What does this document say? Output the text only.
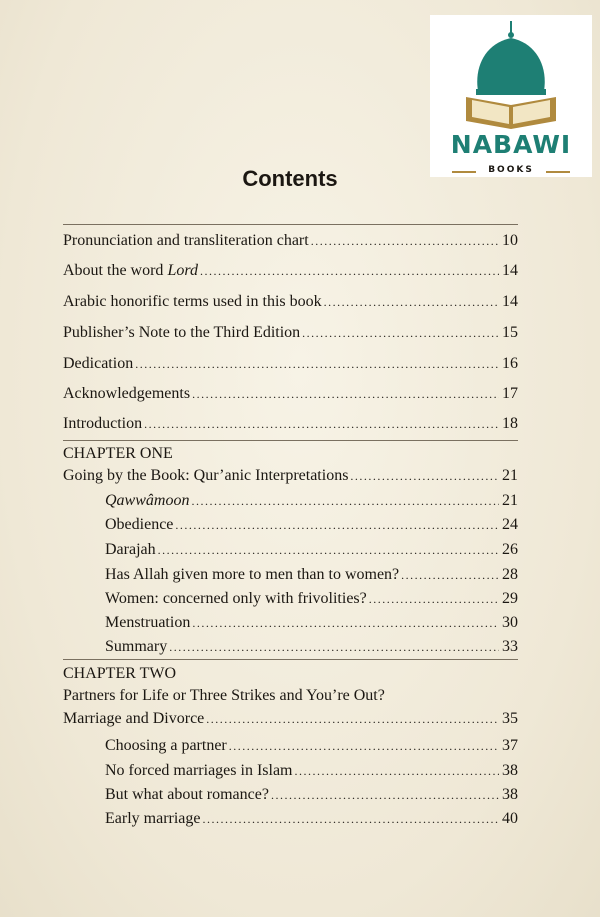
NABAWI
BOOKS
Contents
Pronunciation and transliteration chart .....	10
About the word Lord .....	14
Arabic honorific terms used in this book .....	14
Publisher’s Note to the Third Edition .....	15
Dedication .....	16
Acknowledgements .....	17
Introduction .....	18
CHAPTER ONE
Going by the Book: Qur’anic Interpretations .....	21
Qawwâmoon .....	21
Obedience .....	24
Darajah .....	26
Has Allah given more to men than to women? .....	28
Women: concerned only with frivolities? .....	29
Menstruation .....	30
Summary .....	33
CHAPTER TWO
Partners for Life or Three Strikes and You’re Out?
Marriage and Divorce .....	35
Choosing a partner .....	37
No forced marriages in Islam .....	38
But what about romance? .....	38
Early marriage .....	40
